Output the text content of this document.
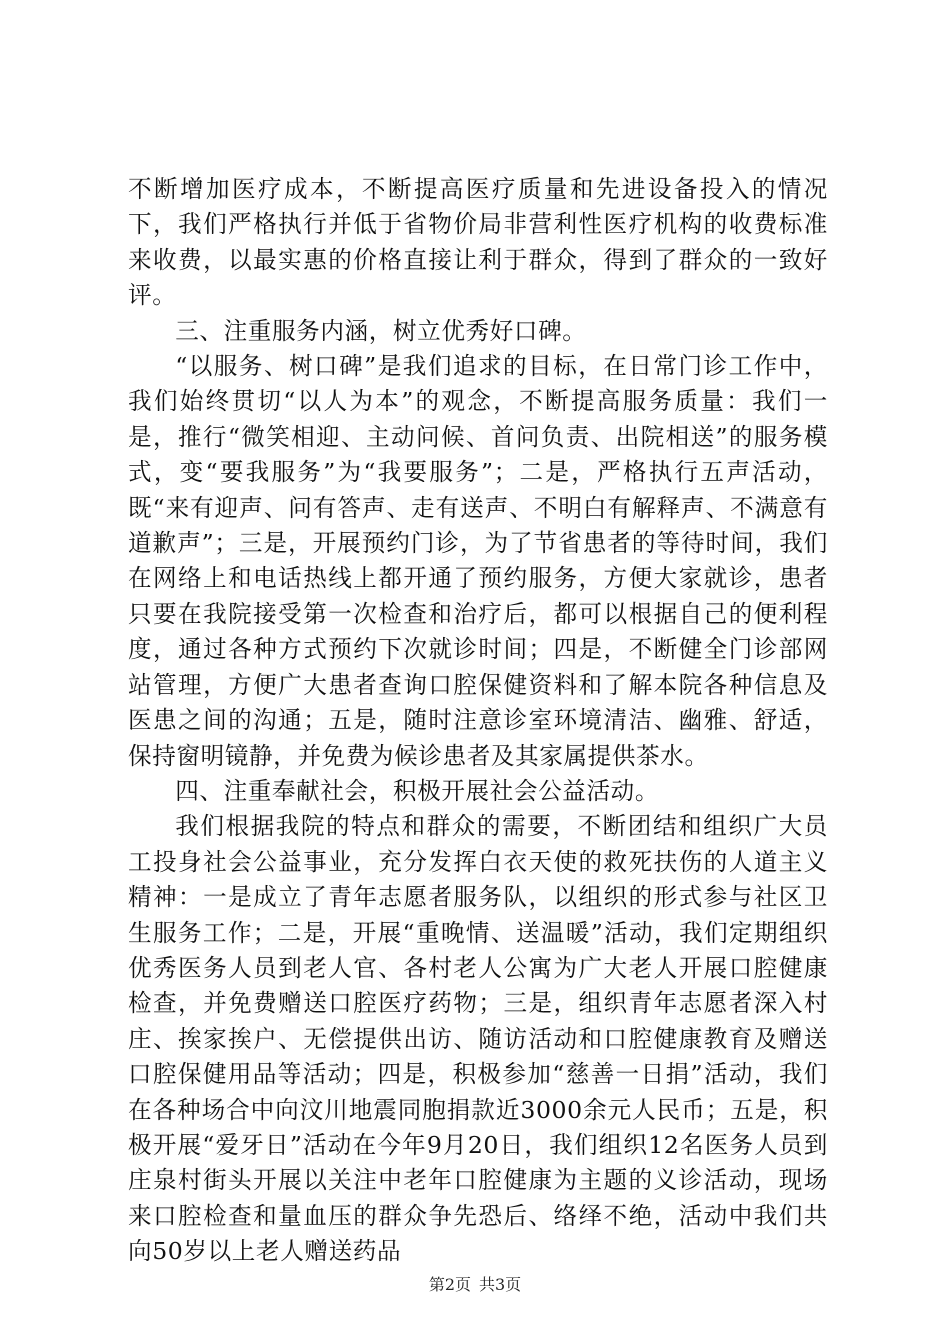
不断增加医疗成本，不断提高医疗质量和先进设备投入的情况下，我们严格执行并低于省物价局非营利性医疗机构的收费标准来收费，以最实惠的价格直接让利于群众，得到了群众的一致好评。

三、注重服务内涵，树立优秀好口碑。

“以服务、树口碑”是我们追求的目标，在日常门诊工作中，我们始终贯切“以人为本”的观念，不断提高服务质量：我们一是，推行“微笑相迎、主动问候、首问负责、出院相送”的服务模式，变“要我服务”为“我要服务”；二是，严格执行五声活动，既“来有迎声、问有答声、走有送声、不明白有解释声、不满意有道歉声”；三是，开展预约门诊，为了节省患者的等待时间，我们在网络上和电话热线上都开通了预约服务，方便大家就诊，患者只要在我院接受第一次检查和治疗后，都可以根据自己的便利程度，通过各种方式预约下次就诊时间；四是，不断健全门诊部网站管理，方便广大患者查询口腔保健资料和了解本院各种信息及医患之间的沟通；五是，随时注意诊室环境清洁、幽雅、舒适，保持窗明镜静，并免费为候诊患者及其家属提供茶水。

四、注重奉献社会，积极开展社会公益活动。

我们根据我院的特点和群众的需要，不断团结和组织广大员工投身社会公益事业，充分发挥白衣天使的救死扶伤的人道主义精神：一是成立了青年志愿者服务队，以组织的形式参与社区卫生服务工作；二是，开展“重晚情、送温暖”活动，我们定期组织优秀医务人员到老人官、各村老人公寓为广大老人开展口腔健康检查，并免费赠送口腔医疗药物；三是，组织青年志愿者深入村庄、挨家挨户、无偿提供出访、随访活动和口腔健康教育及赠送口腔保健用品等活动；四是，积极参加“慈善一日捐”活动，我们在各种场合中向汶川地震同胞捐款近3000余元人民币；五是，积极开展“爱牙日”活动在今年9月20日，我们组织12名医务人员到庄泉村街头开展以关注中老年口腔健康为主题的义诊活动，现场来口腔检查和量血压的群众争先恐后、络绎不绝，活动中我们共向50岁以上老人赠送药品

第2页 共3页
